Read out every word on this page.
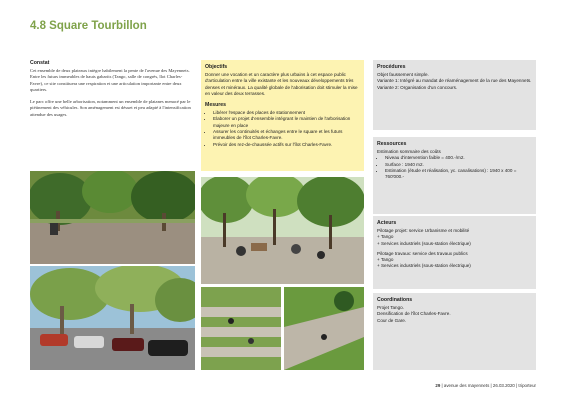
4.8 Square Tourbillon
Constat

Cet ensemble de deux plateaux intègre habilement la pente de l'avenue des Mayennets. Entre les futurs immeubles de hauts gabarits (Tango, salle de congrès, îlot Charles-Favre), ce site constituera une respiration et une articulation importante entre deux quartiers.

Le parc offre une belle arborisation, notamment un ensemble de platanes menacé par le piétinement des véhicules. Son aménagement est désuet et peu adapté à l'intensification attendue des usages.

Objectifs

Donner une vocation et un caractère plus urbains à cet espace public d'articulation entre la ville existante et les nouveaux développements très denses et minéraux. La qualité globale de l'aborisation doit stimuler la mise en valeur des deux terrasses.

Mesures
• Libérer l'espace des places de stationnement
• Elaborer un projet d'ensemble intégrant le maintien de l'arborisation majeure en place
• Assurer les continuités et échanges entre le square et les futurs immeubles de l'îlot Charles-Favre.
• Prévoir des rez-de-chaussée actifs sur l'îlot Charles-Favre.
Procédures

Objet faussement simple.

Variante 1: Intégré au mandat de réaménagement de la rue des Mayennets.

Variante 2: Organisation d'un concours.

Ressources

Estimation sommaire des coûts

• Niveau d'intervention faible = 400.-/m2.
• Surface : 1940 m2.
• Estimation (étude et réalisation, yc. canalisations) : 1940 x 400 = 760'000.-
Acteurs

Pilotage projet: service Urbanisme et mobilité

+ Tango

+ Services industriels (sous-station électrique)

Pilotage travaux: service des travaux publics

+ Tango

+ Services industriels (sous-station électrique)

Coordinations

Projet Tango.

Densification de l'îlot Charles-Favre.

Cour de Gare.

29 | avenue des mayennets | 26.03.2020 | triporteur
